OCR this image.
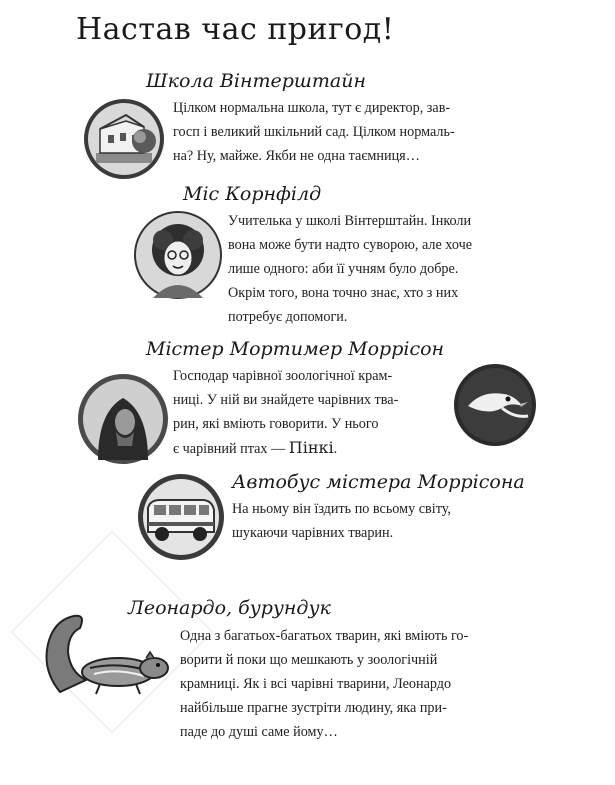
Настав час пригод!
Школа Вінтерштайн
Цілком нормальна школа, тут є директор, зав-
госп і великий шкільний сад. Цілком нормаль-
на? Ну, майже. Якби не одна таємниця…
Міс Корнфілд
Учителька у школі Вінтерштайн. Інколи
вона може бути надто суворою, але хоче
лише одного: аби її учням було добре.
Окрім того, вона точно знає, хто з них
потребує допомоги.
Містер Мортимер Моррісон
Господар чарівної зоологічної крам-
ниці. У ній ви знайдете чарівних тва-
рин, які вміють говорити. У нього
є чарівний птах — Пінкі.
Автобус містера Моррісона
На ньому він їздить по всьому світу,
шукаючи чарівних тварин.
Леонардо, бурундук
Одна з багатьох-багатьох тварин, які вміють го-
ворити й поки що мешкають у зоологічній
крамниці. Як і всі чарівні тварини, Леонардо
найбільше прагне зустріти людину, яка при-
паде до душі саме йому…
